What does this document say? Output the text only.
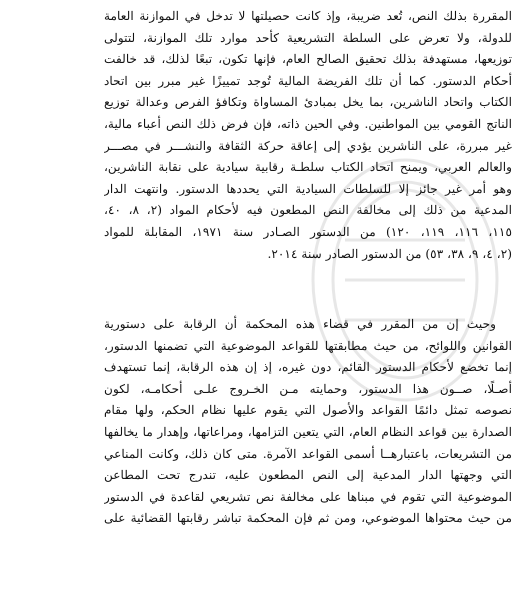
المقررة بذلك النص، تُعد ضريبة، وإذ كانت حصيلتها لا تدخل في الموازنة العامة
للدولة، ولا تعرض على السلطة التشريعية كأحد موارد تلك الموازنة، لتتولى
توزيعها، مستهدفة بذلك تحقيق الصالح العام، فإنها تكون، تبعًا لذلك، قد خالفت
أحكام الدستور. كما أن تلك الفريضة المالية تُوجد تمييزًا غير مبرر بين اتحاد
الكتاب واتحاد الناشرين، بما يخل بمبادئ المساواة وتكافؤ الفرص وعدالة توزيع
الناتج القومي بين المواطنين. وفي الحين ذاته، فإن فرض ذلك النص أعباء مالية،
غير مبررة، على الناشرين يؤدي إلى إعاقة حركة الثقافة والنشـــر في مصـــر
والعالم العربي، ويمنح اتحاد الكتاب سلطـة رقابية سيادية على نقابة الناشرين،
وهو أمر غير جائز إلا للسلطات السيادية التي يحددها الدستور. وانتهت الدار
المدعية من ذلك إلى مخالفة النص المطعون فيه لأحكام المواد (٢، ٨، ٤٠،
١١٥، ١١٦، ١١٩، ١٢٠) من الدستور الصـادر سنة ١٩٧١، المقابلة للمواد
(٢، ٤، ٩، ٣٨، ٥٣) من الدستور الصادر سنة ٢٠١٤.
وحيث إن من المقرر في قضاء هذه المحكمة أن الرقابة على دستورية
القوانين واللوائح، من حيث مطابقتها للقواعد الموضوعية التي تضمنها الدستور،
إنما تخضع لأحكام الدستور القائم، دون غيره، إذ إن هذه الرقابة، إنما تستهدف
أصـلًا، صــون هذا الدستور، وحمايته مـن الخـروج علـى أحكامـه، لكون
نصوصه تمثل دائمًا القواعد والأصول التي يقوم عليها نظام الحكم، ولها مقام
الصدارة بين قواعد النظام العام، التي يتعين التزامها، ومراعاتها، وإهدار ما يخالفها
من التشريعات، باعتبارهــا أسمى القواعد الآمرة. متى كان ذلك، وكانت المناعي
التي وجهتها الدار المدعية إلى النص المطعون عليه، تندرج تحت المطاعن
الموضوعية التي تقوم في مبناها على مخالفة نص تشريعي لقاعدة في الدستور
من حيث محتواها الموضوعي، ومن ثم فإن المحكمة تباشر رقابتها القضائية على
